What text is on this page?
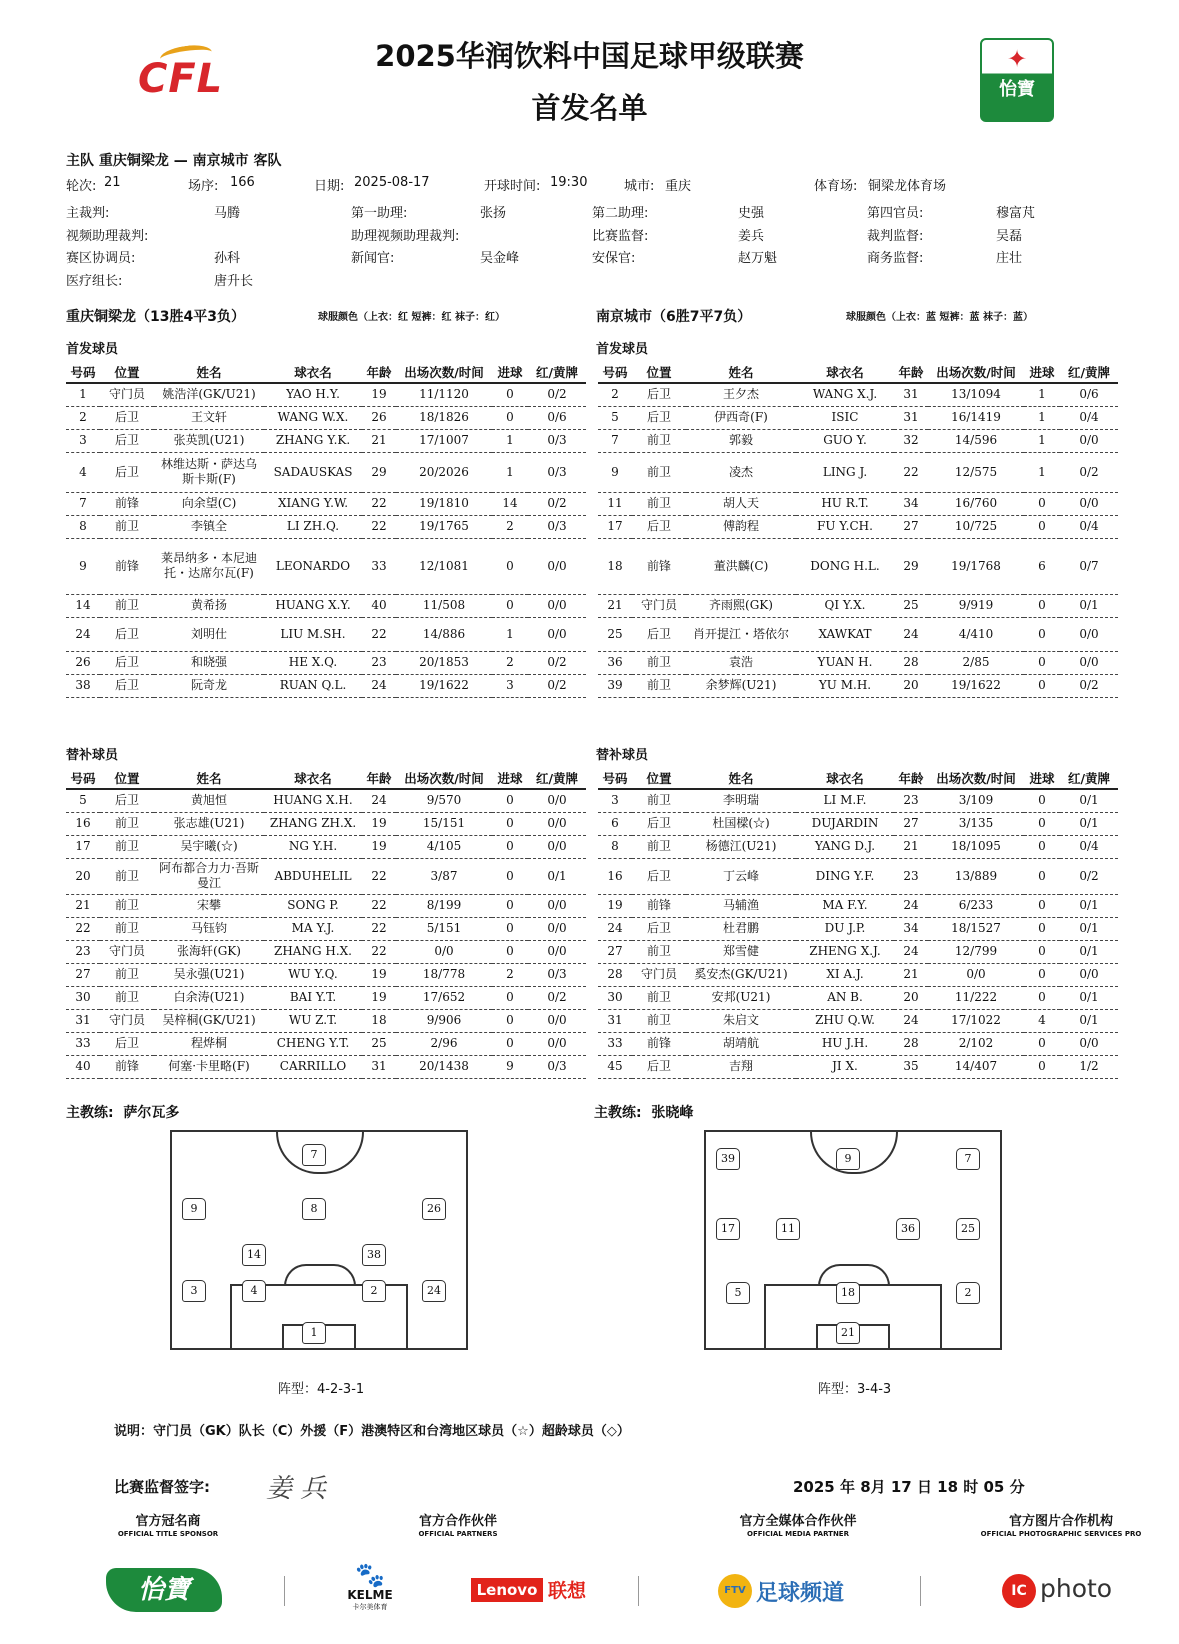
CFL	2025华润饮料中国足球甲级联赛
首发名单
✦
怡寶
主队 重庆铜梁龙 — 南京城市 客队
轮次: 21	场序: 166	日期: 2025-08-17	开球时间: 19:30	城市: 重庆	体育场: 铜梁龙体育场
主裁判:	马腾	第一助理:	张扬	第二助理:	史强	第四官员:	穆富芃
视频助理裁判:	助理视频助理裁判:	比赛监督:	姜兵	裁判监督:	吴磊
赛区协调员:	孙科	新闻官:	吴金峰	安保官:	赵万魁	商务监督:	庄壮
医疗组长:	唐升长
重庆铜梁龙（13胜4平3负）	球服颜色（上衣：红 短裤：红 袜子：红）	南京城市（6胜7平7负）	球服颜色（上衣：蓝 短裤：蓝 袜子：蓝）
首发球员	首发球员
号码	位置	姓名	球衣名	年龄	出场次数/时间	进球	红/黄牌		号码	位置	姓名	球衣名	年龄	出场次数/时间	进球	红/黄牌
1	守门员	姚浩洋(GK/U21)	YAO H.Y.	19	11/1120	0	0/2		2	后卫	王夕杰	WANG X.J.	31	13/1094	1	0/6
2	后卫	王文轩	WANG W.X.	26	18/1826	0	0/6		5	后卫	伊西奇(F)	ISIC	31	16/1419	1	0/4
3	后卫	张英凯(U21)	ZHANG Y.K.	21	17/1007	1	0/3		7	前卫	郭毅	GUO Y.	32	14/596	1	0/0
4	后卫	林维达斯・萨达乌斯卡斯(F)	SADAUSKAS	29	20/2026	1	0/3		9	前卫	凌杰	LING J.	22	12/575	1	0/2
7	前锋	向余望(C)	XIANG Y.W.	22	19/1810	14	0/2		11	前卫	胡人天	HU R.T.	34	16/760	0	0/0
8	前卫	李镇全	LI ZH.Q.	22	19/1765	2	0/3		17	后卫	傅韵程	FU Y.CH.	27	10/725	0	0/4
9	前锋	莱昂纳多・本尼迪托・达席尔瓦(F)	LEONARDO	33	12/1081	0	0/0		18	前锋	董洪麟(C)	DONG H.L.	29	19/1768	6	0/7
14	前卫	黄希扬	HUANG X.Y.	40	11/508	0	0/0		21	守门员	齐雨熙(GK)	QI Y.X.	25	9/919	0	0/1
24	后卫	刘明仕	LIU M.SH.	22	14/886	1	0/0		25	后卫	肖开提江・塔依尔	XAWKAT	24	4/410	0	0/0
26	后卫	和晓强	HE X.Q.	23	20/1853	2	0/2		36	前卫	袁浩	YUAN H.	28	2/85	0	0/0
38	后卫	阮奇龙	RUAN Q.L.	24	19/1622	3	0/2		39	前卫	余梦辉(U21)	YU M.H.	20	19/1622	0	0/2
替补球员	替补球员
号码	位置	姓名	球衣名	年龄	出场次数/时间	进球	红/黄牌		号码	位置	姓名	球衣名	年龄	出场次数/时间	进球	红/黄牌
5	后卫	黄旭恒	HUANG X.H.	24	9/570	0	0/0		3	前卫	李明瑞	LI M.F.	23	3/109	0	0/1
16	前卫	张志雄(U21)	ZHANG ZH.X.	19	15/151	0	0/0		6	后卫	杜国樑(☆)	DUJARDIN	27	3/135	0	0/1
17	前卫	吴宇曦(☆)	NG Y.H.	19	4/105	0	0/0		8	前卫	杨德江(U21)	YANG D.J.	21	18/1095	0	0/4
20	前卫	阿布都合力力·吾斯曼江	ABDUHELIL	22	3/87	0	0/1		16	后卫	丁云峰	DING Y.F.	23	13/889	0	0/2
21	前卫	宋攀	SONG P.	22	8/199	0	0/0		19	前锋	马辅渔	MA F.Y.	24	6/233	0	0/1
22	前卫	马钰钧	MA Y.J.	22	5/151	0	0/0		24	后卫	杜君鹏	DU J.P.	34	18/1527	0	0/1
23	守门员	张海轩(GK)	ZHANG H.X.	22	0/0	0	0/0		27	前卫	郑雪健	ZHENG X.J.	24	12/799	0	0/1
27	前卫	吴永强(U21)	WU Y.Q.	19	18/778	2	0/3		28	守门员	奚安杰(GK/U21)	XI A.J.	21	0/0	0	0/0
30	前卫	白余涛(U21)	BAI Y.T.	19	17/652	0	0/2		30	前卫	安邦(U21)	AN B.	20	11/222	0	0/1
31	守门员	吴梓桐(GK/U21)	WU Z.T.	18	9/906	0	0/0		31	前卫	朱启文	ZHU Q.W.	24	17/1022	4	0/1
33	后卫	程烨桐	CHENG Y.T.	25	2/96	0	0/0		33	前锋	胡靖航	HU J.H.	28	2/102	0	0/0
40	前锋	何塞·卡里略(F)	CARRILLO	31	20/1438	9	0/3		45	后卫	吉翔	JI X.	35	14/407	0	1/2
主教练: 萨尔瓦多	主教练: 张晓峰
7
9	8	26
14	38
3	4	2	24
1
39	9	7
17	11	36	25
5	18	2
21
阵型：4-2-3-1	阵型：3-4-3
说明：守门员（GK）队长（C）外援（F）港澳特区和台湾地区球员（☆）超龄球员（◇）
比赛监督签字: 姜兵	2025 年 8月 17 日 18 时 05 分
官方冠名商
OFFICIAL TITLE SPONSOR
官方合作伙伴
OFFICIAL PARTNERS
官方全媒体合作伙伴
OFFICIAL MEDIA PARTNER
官方图片合作机构
OFFICIAL PHOTOGRAPHIC SERVICES PRO
怡寶	🐾
KELME
卡尔美体育
Lenovo 联想	FTV 足球频道	IC photo
